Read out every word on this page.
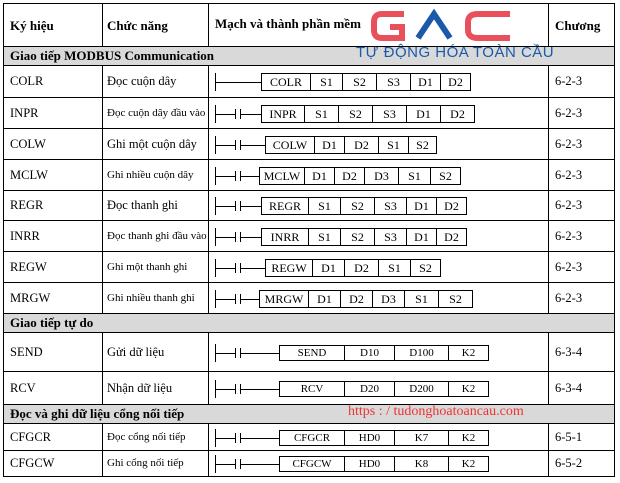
Ký hiệu	Chức năng	Mạch và thành phần mềm	Chương
Giao tiếp MODBUS Communication
COLR	Đọc cuộn dây	COLR	S1	S2	S3	D1	D2	6-2-3
INPR	Đọc cuộn dây đầu vào	INPR	S1	S2	S3	D1	D2	6-2-3
COLW	Ghi một cuộn dây	COLW	D1	D2	S1	S2	6-2-3
MCLW	Ghi nhiều cuộn dây	MCLW D1	D2	D3	S1	S2	6-2-3
REGR	Đọc thanh ghi	REGR	S1	S2	S3	D1	D2	6-2-3
INRR	Đọc thanh ghi đầu vào	INRR	S1	S2	S3	D1	D2	6-2-3
REGW	Ghi một thanh ghi	REGW	D1	D2	S1	S2	6-2-3
MRGW	Ghi nhiều thanh ghi	MRGW	D1	D2	D3	S1	S2	6-2-3
Giao tiếp tự do
SEND	Gửi dữ liệu	SEND	D10	D100	K2	6-3-4
RCV	Nhận dữ liệu	RCV	D20	D200	K2	6-3-4
Đọc và ghi dữ liệu cổng nối tiếp
CFGCR	Đọc cổng nối tiếp	CFGCR	HD0	K7	K2	6-5-1
CFGCW	Ghi cổng nối tiếp	CFGCW	HD0	K8	K2	6-5-2
TỰ ĐỘNG HÓA TOÀN CẦU
https : / tudonghoatoancau.com
